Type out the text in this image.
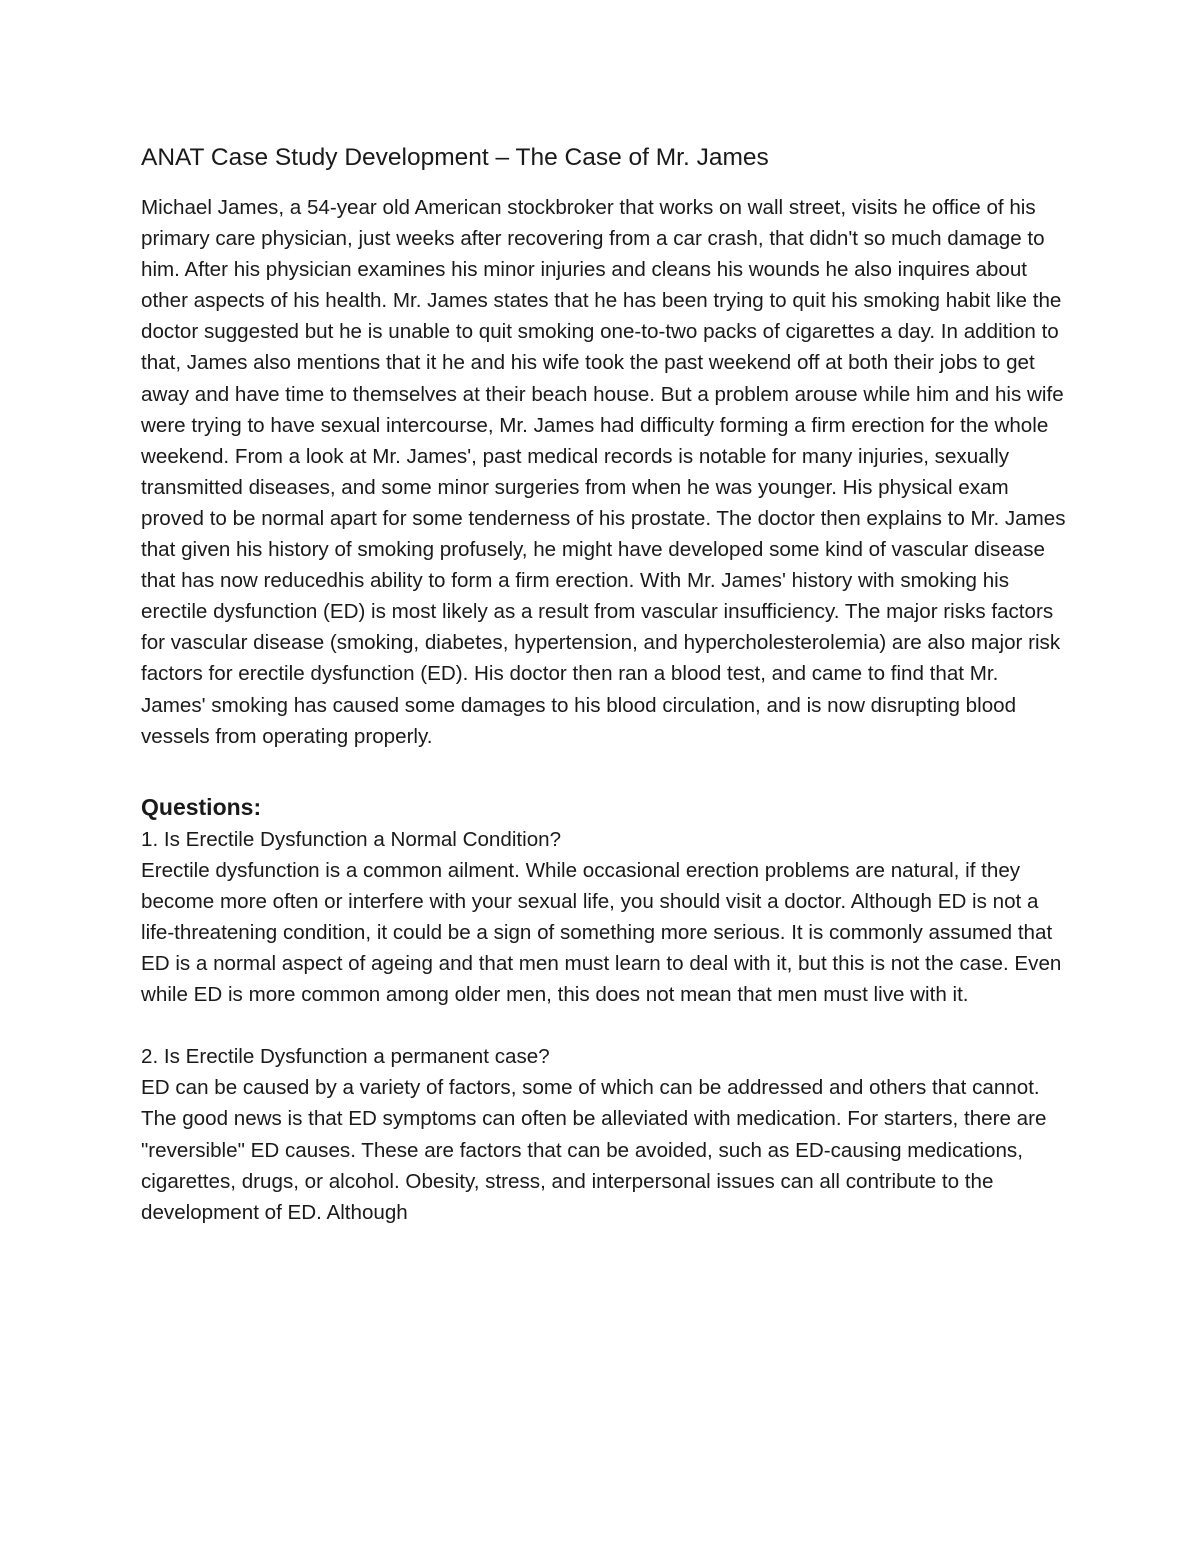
ANAT Case Study Development – The Case of Mr. James

Michael James, a 54-year old American stockbroker that works on wall street, visits he office of his primary care physician, just weeks after recovering from a car crash, that didn't so much damage to him. After his physician examines his minor injuries and cleans his wounds he also inquires about other aspects of his health. Mr. James states that he has been trying to quit his smoking habit like the doctor suggested but he is unable to quit smoking one-to-two packs of cigarettes a day. In addition to that, James also mentions that it he and his wife took the past weekend off at both their jobs to get away and have time to themselves at their beach house. But a problem arouse while him and his wife were trying to have sexual intercourse, Mr. James had difficulty forming a firm erection for the whole weekend. From a look at Mr. James', past medical records is notable for many injuries, sexually transmitted diseases, and some minor surgeries from when he was younger. His physical exam proved to be normal apart for some tenderness of his prostate. The doctor then explains to Mr. James that given his history of smoking profusely, he might have developed some kind of vascular disease that has now reducedhis ability to form a firm erection. With Mr. James' history with smoking his erectile dysfunction (ED) is most likely as a result from vascular insufficiency. The major risks factors for vascular disease (smoking, diabetes, hypertension, and hypercholesterolemia) are also major risk factors for erectile dysfunction (ED). His doctor then ran a blood test, and came to find that Mr. James' smoking has caused some damages to his blood circulation, and is now disrupting blood vessels from operating properly.

Questions:

1. Is Erectile Dysfunction a Normal Condition?

Erectile dysfunction is a common ailment. While occasional erection problems are natural, if they become more often or interfere with your sexual life, you should visit a doctor. Although ED is not a life-threatening condition, it could be a sign of something more serious. It is commonly assumed that ED is a normal aspect of ageing and that men must learn to deal with it, but this is not the case. Even while ED is more common among older men, this does not mean that men must live with it.

2. Is Erectile Dysfunction a permanent case?

ED can be caused by a variety of factors, some of which can be addressed and others that cannot. The good news is that ED symptoms can often be alleviated with medication. For starters, there are "reversible" ED causes. These are factors that can be avoided, such as ED-causing medications, cigarettes, drugs, or alcohol. Obesity, stress, and interpersonal issues can all contribute to the development of ED. Although
